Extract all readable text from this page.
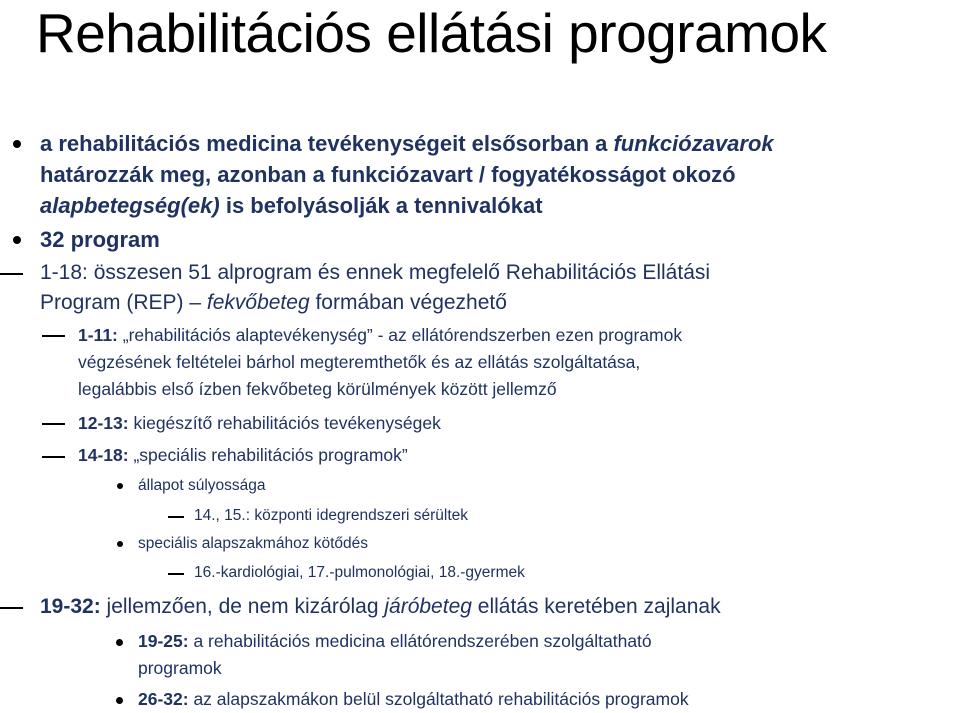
Rehabilitációs ellátási programok
a rehabilitációs medicina tevékenységeit elsősorban a funkciózavarok
határozzák meg, azonban a funkciózavart / fogyatékosságot okozó
alapbetegség(ek) is befolyásolják a tennivalókat
32 program
1-18: összesen 51 alprogram és ennek megfelelő Rehabilitációs Ellátási
Program (REP) – fekvőbeteg formában végezhető
1-11: „rehabilitációs alaptevékenység” - az ellátórendszerben ezen programok
végzésének feltételei bárhol megteremthetők és az ellátás szolgáltatása,
legalábbis első ízben fekvőbeteg körülmények között jellemző
12-13: kiegészítő rehabilitációs tevékenységek
14-18: „speciális rehabilitációs programok”
állapot súlyossága
14., 15.: központi idegrendszeri sérültek
speciális alapszakmához kötődés
16.-kardiológiai, 17.-pulmonológiai, 18.-gyermek
19-32: jellemzően, de nem kizárólag járóbeteg ellátás keretében zajlanak
19-25: a rehabilitációs medicina ellátórendszerében szolgáltatható
programok
26-32: az alapszakmákon belül szolgáltatható rehabilitációs programok
